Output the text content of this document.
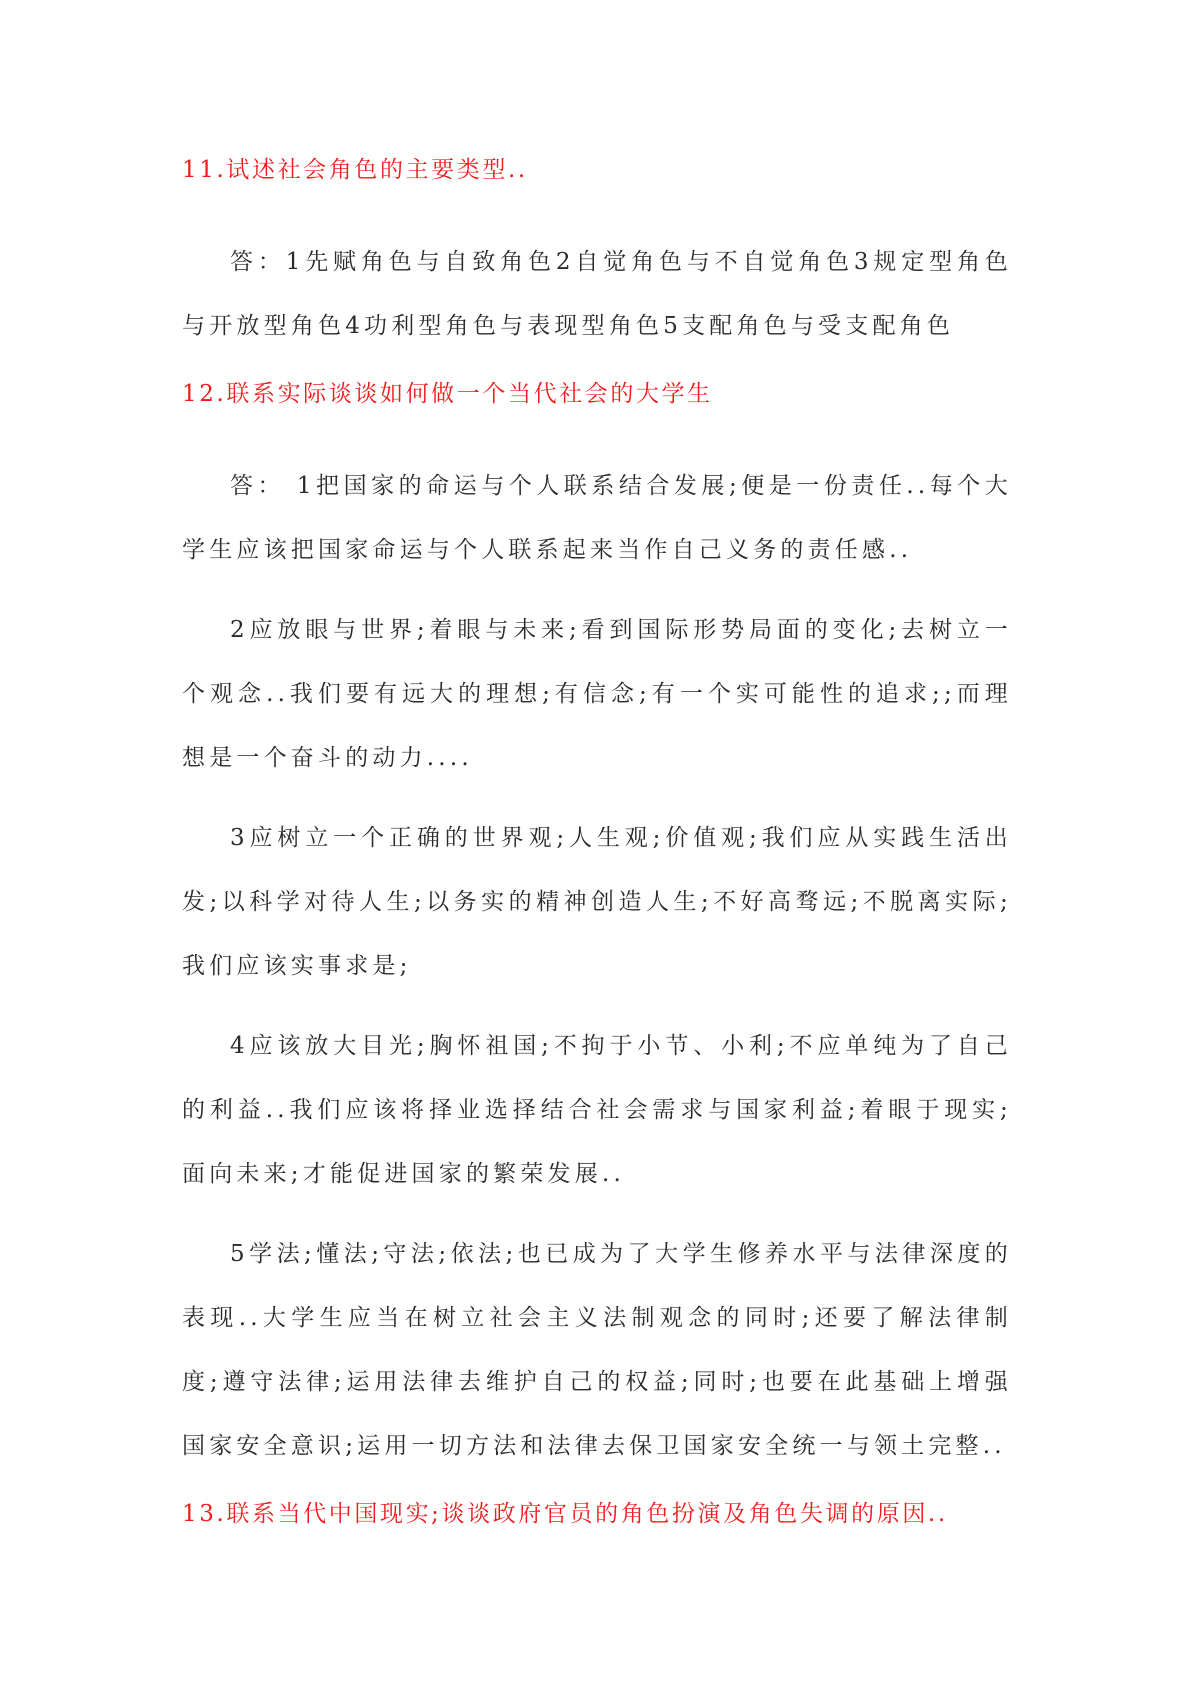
11.试述社会角色的主要类型..

答：1先赋角色与自致角色2自觉角色与不自觉角色3规定型角色与开放型角色4功利型角色与表现型角色5支配角色与受支配角色

12.联系实际谈谈如何做一个当代社会的大学生

答： 1把国家的命运与个人联系结合发展;便是一份责任..每个大学生应该把国家命运与个人联系起来当作自己义务的责任感..

2应放眼与世界;着眼与未来;看到国际形势局面的变化;去树立一个观念..我们要有远大的理想;有信念;有一个实可能性的追求;;而理想是一个奋斗的动力....

3应树立一个正确的世界观;人生观;价值观;我们应从实践生活出发;以科学对待人生;以务实的精神创造人生;不好高骛远;不脱离实际;我们应该实事求是;

4应该放大目光;胸怀祖国;不拘于小节、小利;不应单纯为了自己的利益..我们应该将择业选择结合社会需求与国家利益;着眼于现实;面向未来;才能促进国家的繁荣发展..

5学法;懂法;守法;依法;也已成为了大学生修养水平与法律深度的表现..大学生应当在树立社会主义法制观念的同时;还要了解法律制度;遵守法律;运用法律去维护自己的权益;同时;也要在此基础上增强国家安全意识;运用一切方法和法律去保卫国家安全统一与领土完整..

13.联系当代中国现实;谈谈政府官员的角色扮演及角色失调的原因..
